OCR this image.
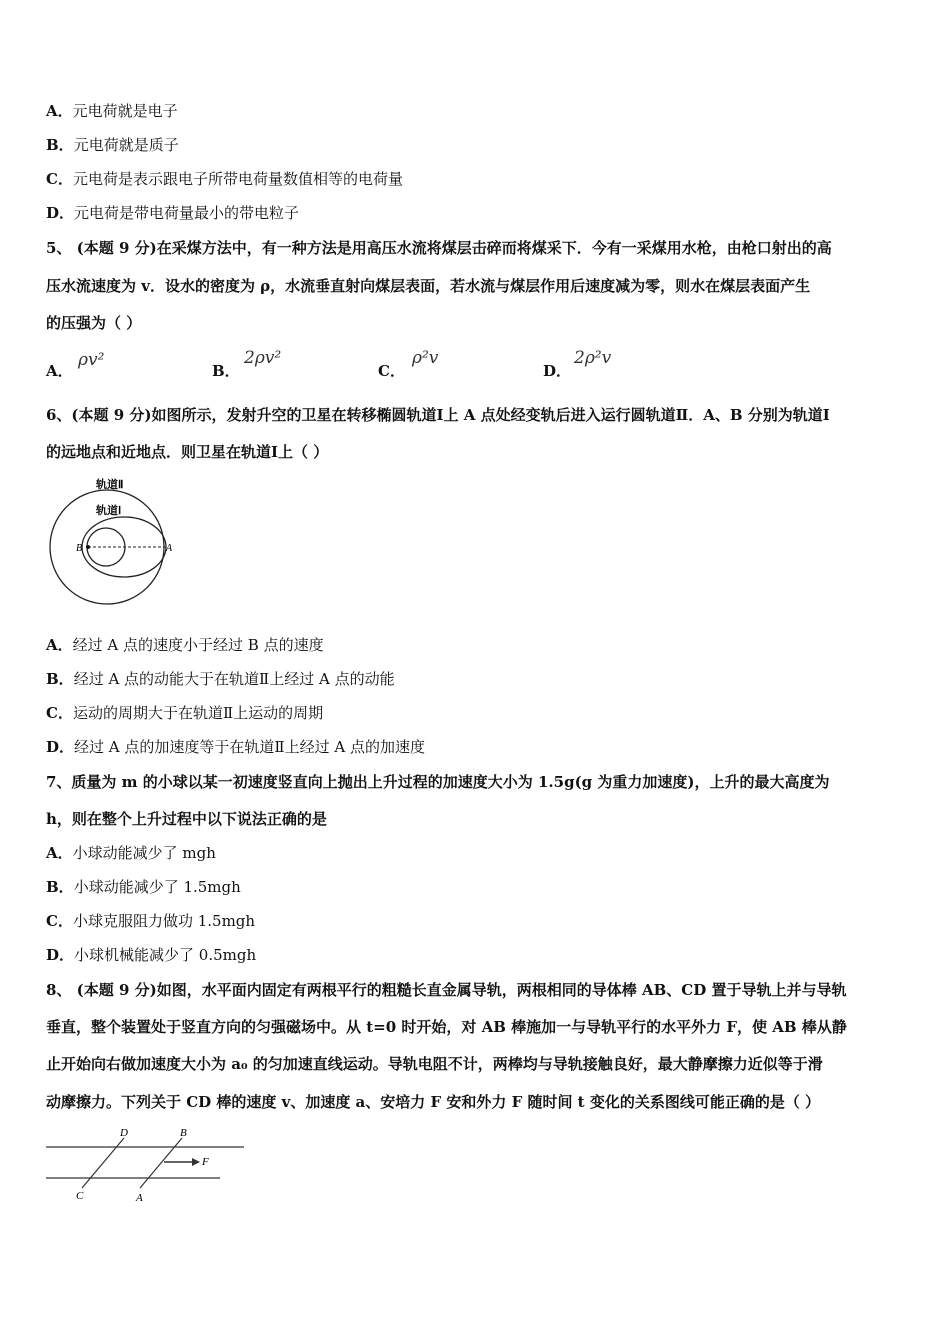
A．元电荷就是电子
B．元电荷就是质子
C．元电荷是表示跟电子所带电荷量数值相等的电荷量
D．元电荷是带电荷量最小的带电粒子
5、 (本题 9 分)在采煤方法中，有一种方法是用高压水流将煤层击碎而将煤采下．今有一采煤用水枪，由枪口射出的高
压水流速度为 v．设水的密度为 ρ，水流垂直射向煤层表面，若水流与煤层作用后速度减为零，则水在煤层表面产生
的压强为（ ）
A．
ρv²
B．
2ρv²
C．
ρ²v
D．
2ρ²v
6、(本题 9 分)如图所示，发射升空的卫星在转移椭圆轨道Ⅰ上 A 点处经变轨后进入运行圆轨道Ⅱ．A、B 分别为轨道Ⅰ
的远地点和近地点．则卫星在轨道Ⅰ上（ ）
轨道Ⅱ
轨道Ⅰ
B	A
A．经过 A 点的速度小于经过 B 点的速度
B．经过 A 点的动能大于在轨道Ⅱ上经过 A 点的动能
C．运动的周期大于在轨道Ⅱ上运动的周期
D．经过 A 点的加速度等于在轨道Ⅱ上经过 A 点的加速度
7、质量为 m 的小球以某一初速度竖直向上抛出上升过程的加速度大小为 1.5g(g 为重力加速度)，上升的最大高度为
h，则在整个上升过程中以下说法正确的是
A．小球动能减少了 mgh
B．小球动能减少了 1.5mgh
C．小球克服阻力做功 1.5mgh
D．小球机械能减少了 0.5mgh
8、 (本题 9 分)如图，水平面内固定有两根平行的粗糙长直金属导轨，两根相同的导体棒 AB、CD 置于导轨上并与导轨
垂直，整个装置处于竖直方向的匀强磁场中。从 t=0 时开始，对 AB 棒施加一与导轨平行的水平外力 F，使 AB 棒从静
止开始向右做加速度大小为 a₀ 的匀加速直线运动。导轨电阻不计，两棒均与导轨接触良好，最大静摩擦力近似等于滑
动摩擦力。下列关于 CD 棒的速度 v、加速度 a、安培力 F 安和外力 F 随时间 t 变化的关系图线可能正确的是（ ）
D	B
F
C	A
